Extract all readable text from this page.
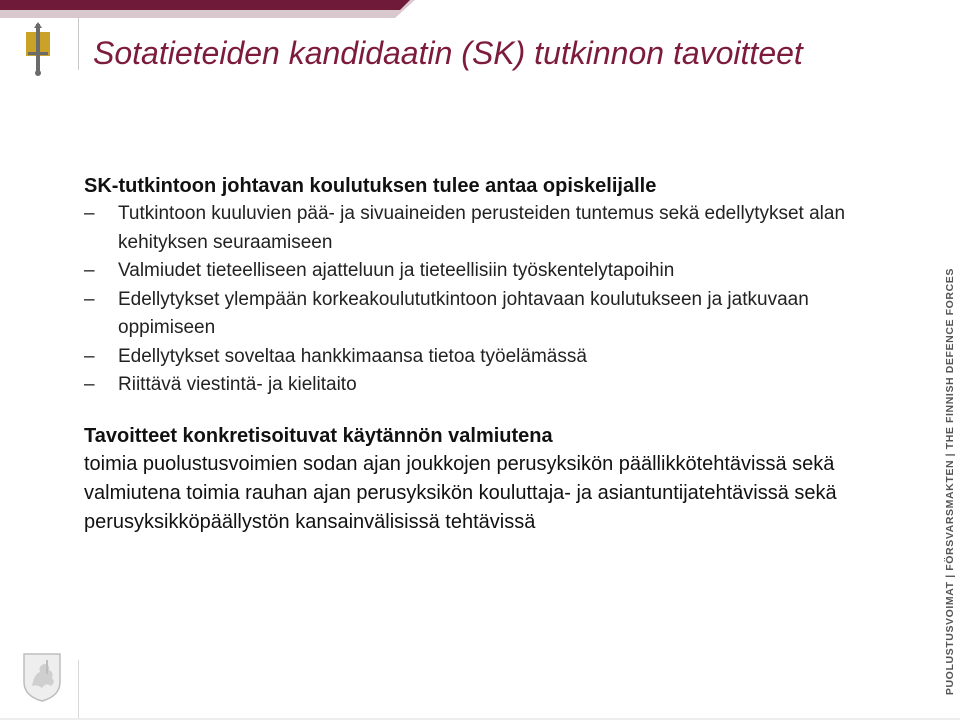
Sotatieteiden kandidaatin (SK) tutkinnon tavoitteet
SK-tutkintoon johtavan koulutuksen tulee antaa opiskelijalle
– Tutkintoon kuuluvien pää- ja sivuaineiden perusteiden tuntemus sekä edellytykset alan kehityksen seuraamiseen
– Valmiudet tieteelliseen ajatteluun ja tieteellisiin työskentelytapoihin
– Edellytykset ylempään korkeakoulututkintoon johtavaan koulutukseen ja jatkuvaan oppimiseen
– Edellytykset soveltaa hankkimaansa tietoa työelämässä
– Riittävä viestintä- ja kielitaito
Tavoitteet konkretisoituvat käytännön valmiutena
toimia puolustusvoimien sodan ajan joukkojen perusyksikön päällikkötehtävissä sekä valmiutena toimia rauhan ajan perusyksikön kouluttaja- ja asiantuntijatehtävissä sekä perusyksikköpäällystön kansainvälisissä tehtävissä	PUOLUSTUSVOIMAT | FÖRSVARSMAKTEN | THE FINNISH DEFENCE FORCES
